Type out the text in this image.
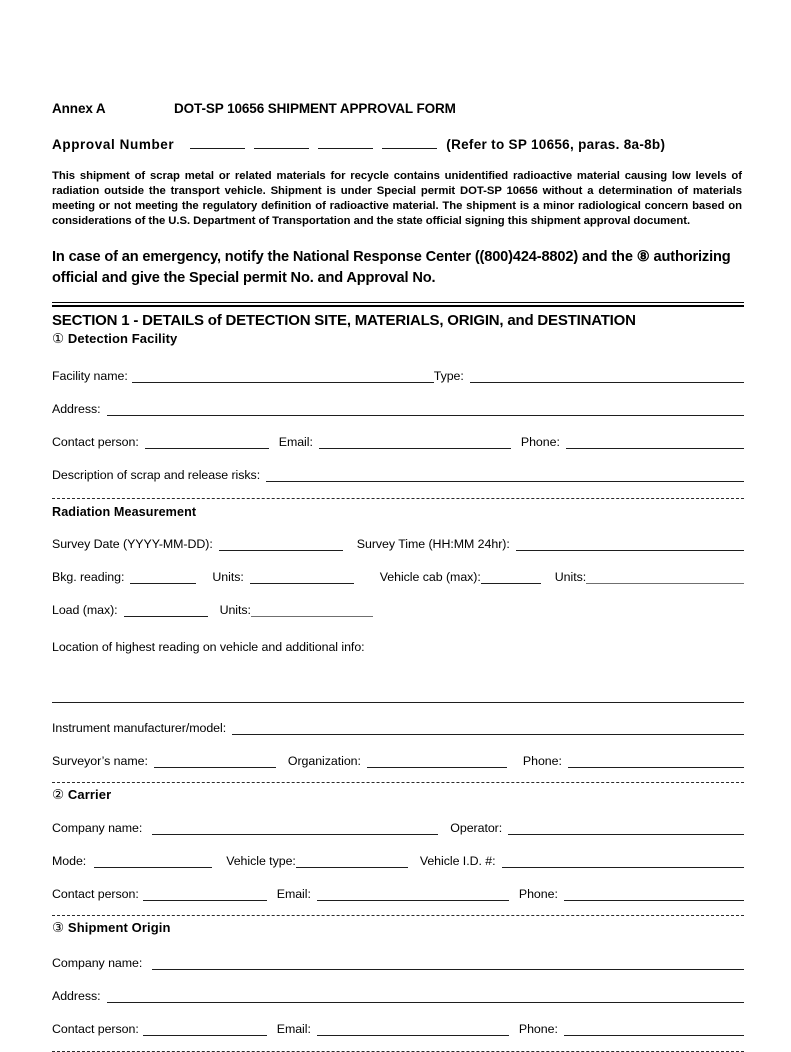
Annex A	DOT-SP 10656 SHIPMENT APPROVAL FORM
Approval Number	(Refer to SP 10656, paras. 8a-8b)
This shipment of scrap metal or related materials for recycle contains unidentified radioactive material causing low levels of radiation outside the transport vehicle. Shipment is under Special permit DOT-SP 10656 without a determination of materials meeting or not meeting the regulatory definition of radioactive material. The shipment is a minor radiological concern based on considerations of the U.S. Department of Transportation and the state official signing this shipment approval document.
In case of an emergency, notify the National Response Center ((800)424-8802) and the ⑧ authorizing official and give the Special permit No. and Approval No.
SECTION 1 - DETAILS of DETECTION SITE, MATERIALS, ORIGIN, and DESTINATION
① Detection Facility
Facility name:	Type:
Address:
Contact person:	Email:	Phone:
Description of scrap and release risks:
Radiation Measurement
Survey Date (YYYY-MM-DD):	Survey Time (HH:MM 24hr):
Bkg. reading:	Units:	Vehicle cab (max):	Units:
Load (max):	Units:
Location of highest reading on vehicle and additional info:
Instrument manufacturer/model:
Surveyor’s name:	Organization:	Phone:
② Carrier
Company name:	Operator:
Mode:	Vehicle type:	Vehicle I.D. #:
Contact person:	Email:	Phone:
③ Shipment Origin
Company name:
Address:
Contact person:	Email:	Phone:
